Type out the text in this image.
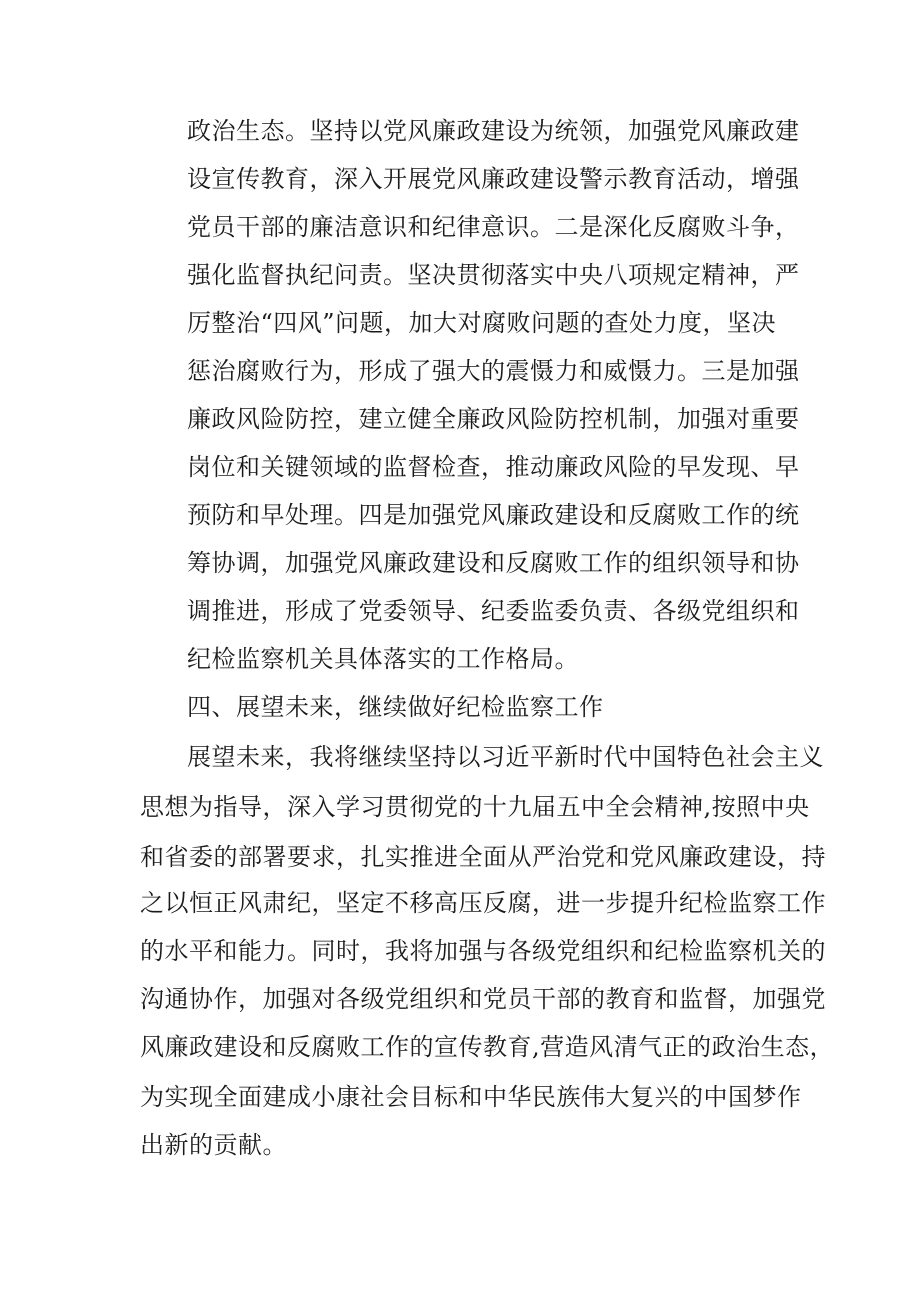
政治生态。坚持以党风廉政建设为统领，加强党风廉政建
设宣传教育，深入开展党风廉政建设警示教育活动，增强
党员干部的廉洁意识和纪律意识。二是深化反腐败斗争，
强化监督执纪问责。坚决贯彻落实中央八项规定精神，严
厉整治“四风”问题，加大对腐败问题的查处力度，坚决
惩治腐败行为，形成了强大的震慑力和威慑力。三是加强
廉政风险防控，建立健全廉政风险防控机制，加强对重要
岗位和关键领域的监督检查，推动廉政风险的早发现、早
预防和早处理。四是加强党风廉政建设和反腐败工作的统
筹协调，加强党风廉政建设和反腐败工作的组织领导和协
调推进，形成了党委领导、纪委监委负责、各级党组织和
纪检监察机关具体落实的工作格局。
四、展望未来，继续做好纪检监察工作
展望未来，我将继续坚持以习近平新时代中国特色社会主义
思想为指导，深入学习贯彻党的十九届五中全会精神,按照中央
和省委的部署要求，扎实推进全面从严治党和党风廉政建设，持
之以恒正风肃纪，坚定不移高压反腐，进一步提升纪检监察工作
的水平和能力。同时，我将加强与各级党组织和纪检监察机关的
沟通协作，加强对各级党组织和党员干部的教育和监督，加强党
风廉政建设和反腐败工作的宣传教育,营造风清气正的政治生态，
为实现全面建成小康社会目标和中华民族伟大复兴的中国梦作
出新的贡献。
